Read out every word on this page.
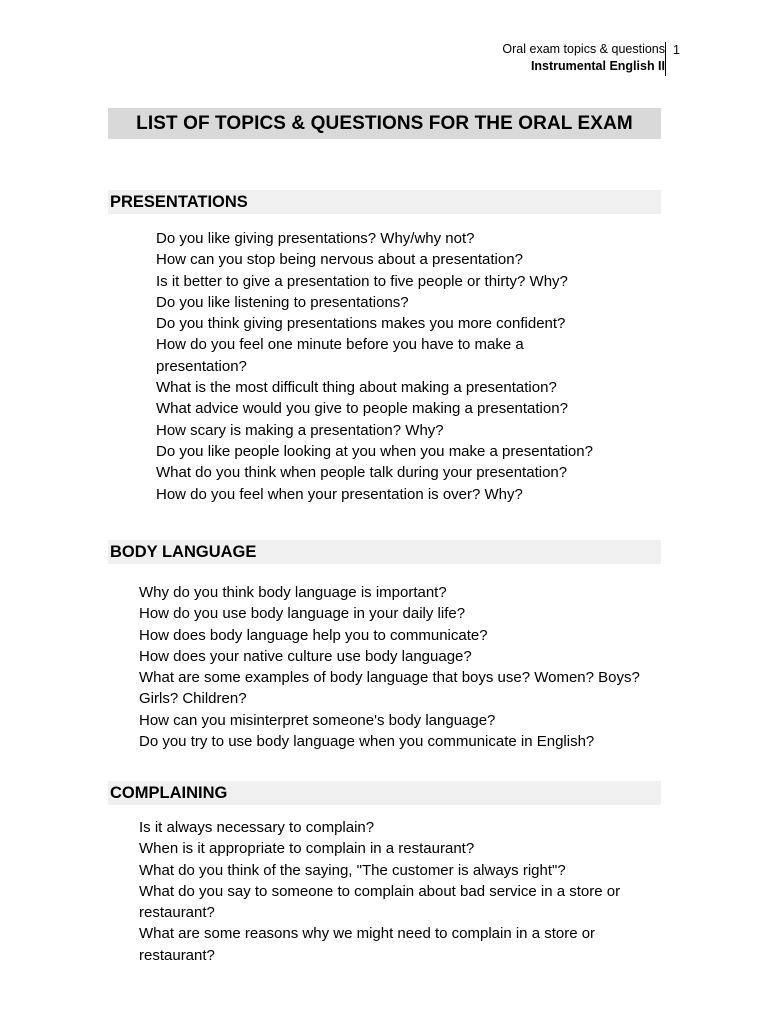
Oral exam topics & questions
Instrumental English II
1
LIST OF TOPICS & QUESTIONS FOR THE ORAL EXAM
PRESENTATIONS
Do you like giving presentations? Why/why not?
How can you stop being nervous about a presentation?
Is it better to give a presentation to five people or thirty? Why?
Do you like listening to presentations?
Do you think giving presentations makes you more confident?
How do you feel one minute before you have to make a presentation?
What is the most difficult thing about making a presentation?
What advice would you give to people making a presentation?
How scary is making a presentation? Why?
Do you like people looking at you when you make a presentation?
What do you think when people talk during your presentation?
How do you feel when your presentation is over? Why?
BODY LANGUAGE
Why do you think body language is important?
How do you use body language in your daily life?
How does body language help you to communicate?
How does your native culture use body language?
What are some examples of body language that boys use? Women? Boys? Girls? Children?
How can you misinterpret someone's body language?
Do you try to use body language when you communicate in English?
COMPLAINING
Is it always necessary to complain?
When is it appropriate to complain in a restaurant?
What do you think of the saying, "The customer is always right"?
What do you say to someone to complain about bad service in a store or restaurant?
What are some reasons why we might need to complain in a store or restaurant?
